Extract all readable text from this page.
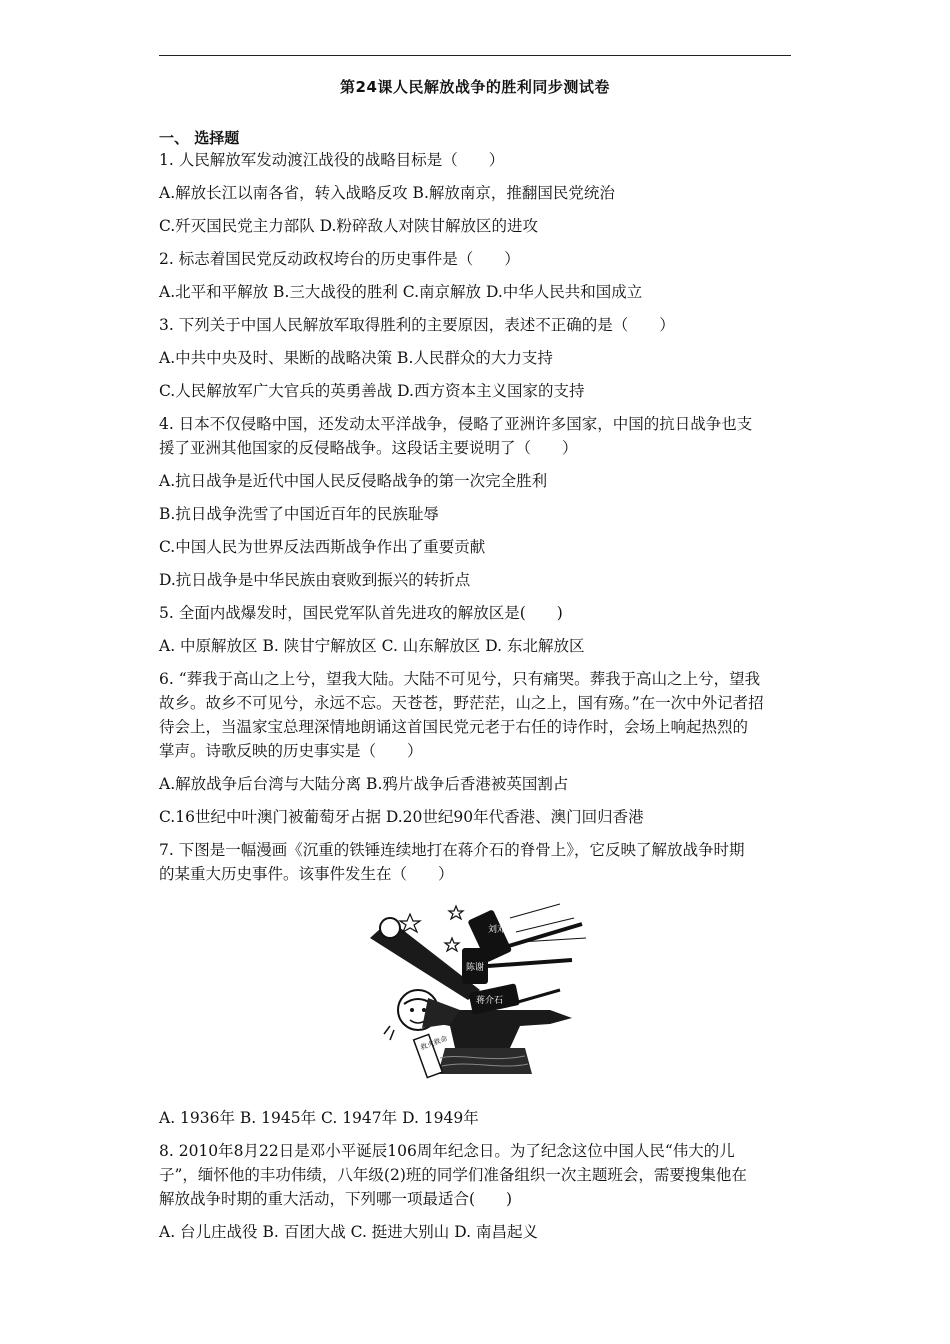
第24课人民解放战争的胜利同步测试卷
一、 选择题
1. 人民解放军发动渡江战役的战略目标是（　　）
A.解放长江以南各省，转入战略反攻 B.解放南京，推翻国民党统治
C.歼灭国民党主力部队 D.粉碎敌人对陕甘解放区的进攻
2. 标志着国民党反动政权垮台的历史事件是（　　）
A.北平和平解放 B.三大战役的胜利 C.南京解放 D.中华人民共和国成立
3. 下列关于中国人民解放军取得胜利的主要原因，表述不正确的是（　　）
A.中共中央及时、果断的战略决策 B.人民群众的大力支持
C.人民解放军广大官兵的英勇善战 D.西方资本主义国家的支持
4. 日本不仅侵略中国，还发动太平洋战争，侵略了亚洲许多国家，中国的抗日战争也支
援了亚洲其他国家的反侵略战争。这段话主要说明了（　　）
A.抗日战争是近代中国人民反侵略战争的第一次完全胜利
B.抗日战争洗雪了中国近百年的民族耻辱
C.中国人民为世界反法西斯战争作出了重要贡献
D.抗日战争是中华民族由衰败到振兴的转折点
5. 全面内战爆发时，国民党军队首先进攻的解放区是(　　)
A. 中原解放区 B. 陕甘宁解放区 C. 山东解放区 D. 东北解放区
6. “葬我于高山之上兮，望我大陆。大陆不可见兮，只有痛哭。葬我于高山之上兮，望我
故乡。故乡不可见兮，永远不忘。天苍苍，野茫茫，山之上，国有殇。”在一次中外记者招
待会上，当温家宝总理深情地朗诵这首国民党元老于右任的诗作时，会场上响起热烈的
掌声。诗歌反映的历史事实是（　　）
A.解放战争后台湾与大陆分离 B.鸦片战争后香港被英国割占
C.16世纪中叶澳门被葡萄牙占据 D.20世纪90年代香港、澳门回归香港
7. 下图是一幅漫画《沉重的铁锤连续地打在蒋介石的脊骨上》，它反映了解放战争时期
的某重大历史事件。该事件发生在（　　）
救火救命
刘邓
陈谢
蒋介石
A. 1936年 B. 1945年 C. 1947年 D. 1949年
8. 2010年8月22日是邓小平诞辰106周年纪念日。为了纪念这位中国人民“伟大的儿
子”，缅怀他的丰功伟绩，八年级(2)班的同学们准备组织一次主题班会，需要搜集他在
解放战争时期的重大活动，下列哪一项最适合(　　)
A. 台儿庄战役 B. 百团大战 C. 挺进大别山 D. 南昌起义
